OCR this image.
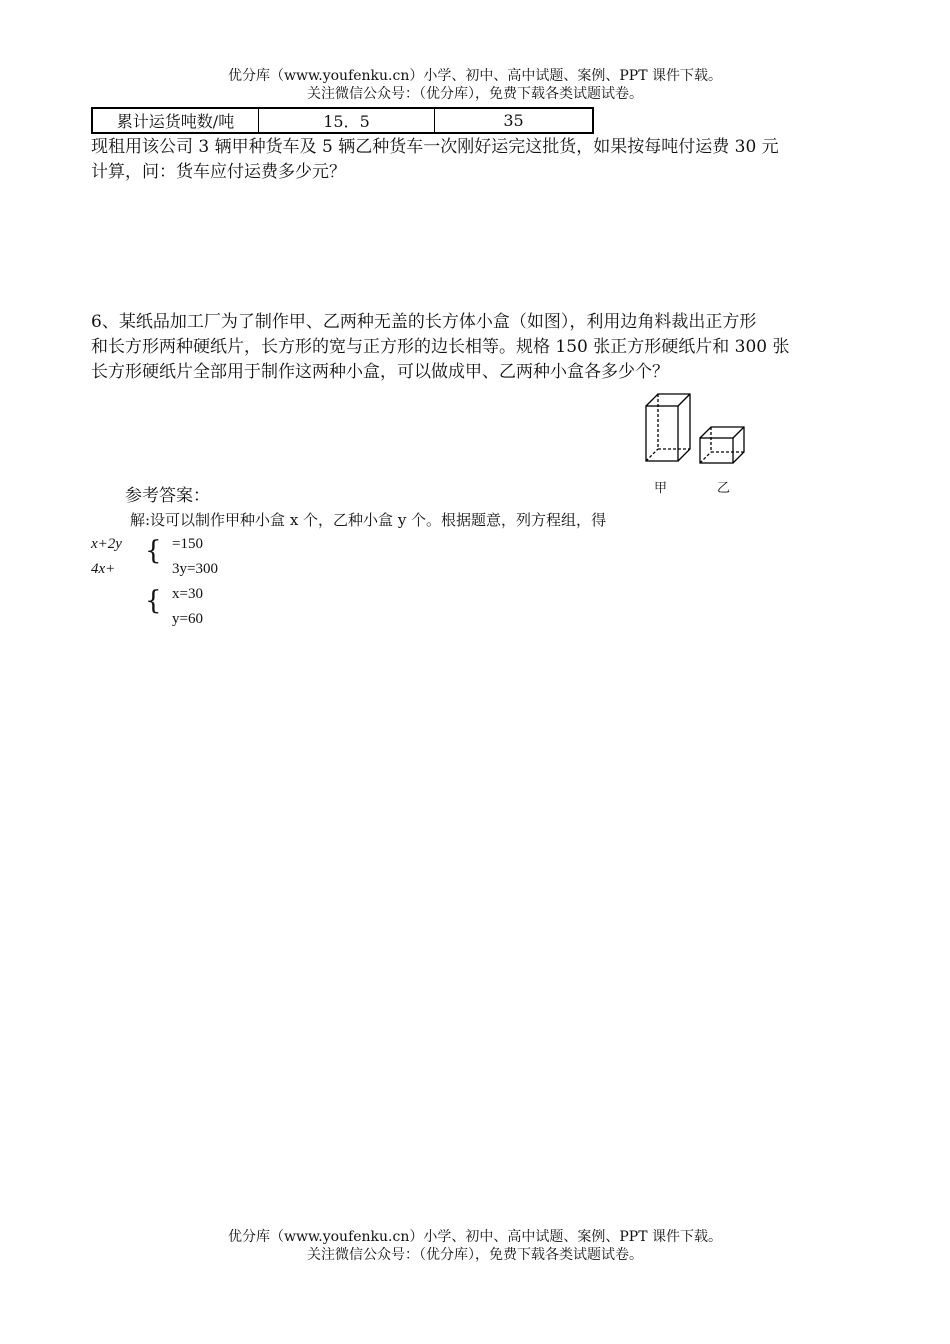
优分库（www.youfenku.cn）小学、初中、高中试题、案例、PPT 课件下载。
关注微信公众号：（优分库），免费下载各类试题试卷。
累计运货吨数/吨	15．5	35
现租用该公司 3 辆甲种货车及 5 辆乙种货车一次刚好运完这批货，如果按每吨付运费 30 元
计算，问：货车应付运费多少元？
6、某纸品加工厂为了制作甲、乙两种无盖的长方体小盒（如图），利用边角料裁出正方形
和长方形两种硬纸片，长方形的宽与正方形的边长相等。规格 150 张正方形硬纸片和 300 张
长方形硬纸片全部用于制作这两种小盒，可以做成甲、乙两种小盒各多少个？
甲	乙
参考答案：
解:设可以制作甲种小盒 x 个，乙种小盒 y 个。根据题意，列方程组，得
x+2y
4x+
{ =150
3y=300
{ x=30
y=60
优分库（www.youfenku.cn）小学、初中、高中试题、案例、PPT 课件下载。
关注微信公众号：（优分库），免费下载各类试题试卷。
